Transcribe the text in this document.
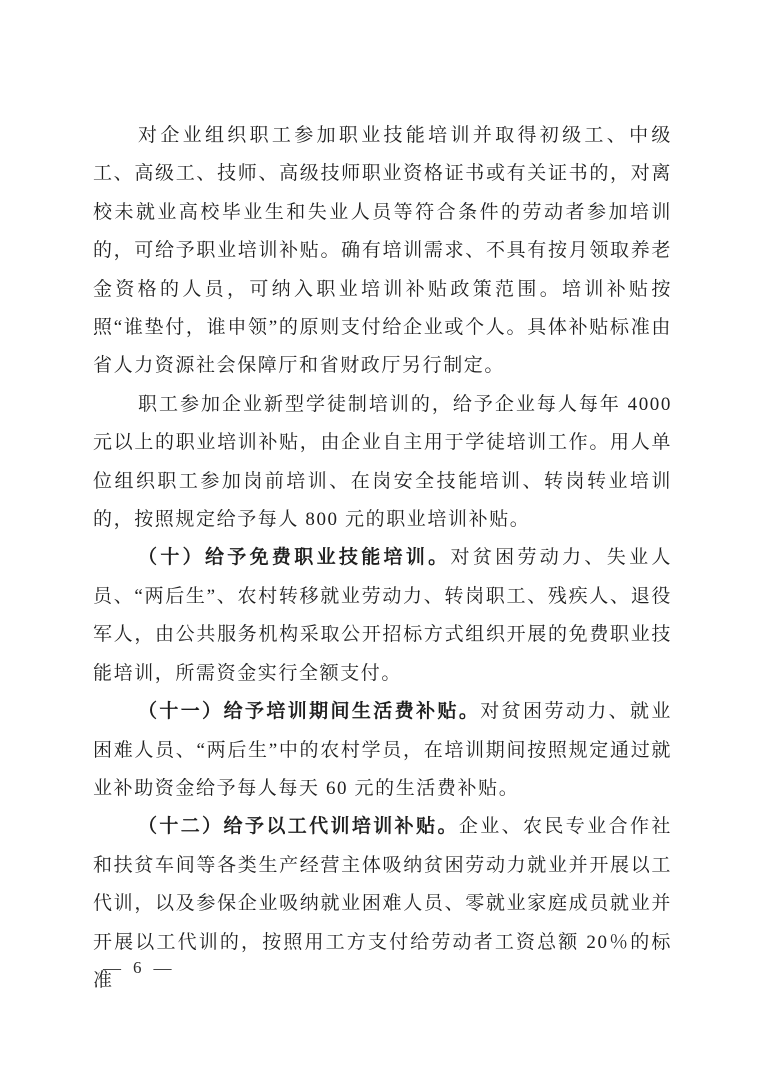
对企业组织职工参加职业技能培训并取得初级工、中级工、高级工、技师、高级技师职业资格证书或有关证书的，对离校未就业高校毕业生和失业人员等符合条件的劳动者参加培训的，可给予职业培训补贴。确有培训需求、不具有按月领取养老金资格的人员，可纳入职业培训补贴政策范围。培训补贴按照“谁垫付，谁申领”的原则支付给企业或个人。具体补贴标准由省人力资源社会保障厅和省财政厅另行制定。

职工参加企业新型学徒制培训的，给予企业每人每年 4000 元以上的职业培训补贴，由企业自主用于学徒培训工作。用人单位组织职工参加岗前培训、在岗安全技能培训、转岗转业培训的，按照规定给予每人 800 元的职业培训补贴。

（十）给予免费职业技能培训。对贫困劳动力、失业人员、“两后生”、农村转移就业劳动力、转岗职工、残疾人、退役军人，由公共服务机构采取公开招标方式组织开展的免费职业技能培训，所需资金实行全额支付。

（十一）给予培训期间生活费补贴。对贫困劳动力、就业困难人员、“两后生”中的农村学员，在培训期间按照规定通过就业补助资金给予每人每天 60 元的生活费补贴。

（十二）给予以工代训培训补贴。企业、农民专业合作社和扶贫车间等各类生产经营主体吸纳贫困劳动力就业并开展以工代训，以及参保企业吸纳就业困难人员、零就业家庭成员就业并开展以工代训的，按照用工方支付给劳动者工资总额 20％的标准

— 6 —
